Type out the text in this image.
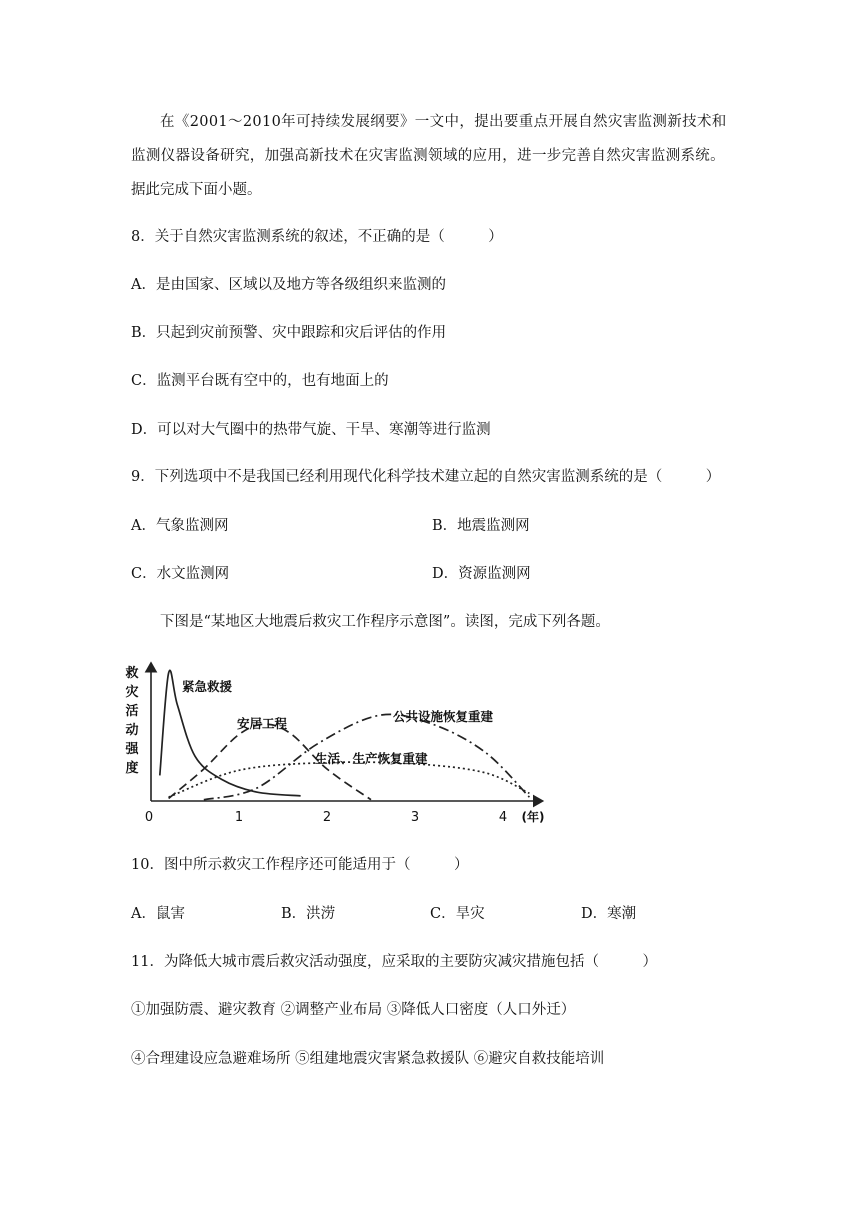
在《2001～2010年可持续发展纲要》一文中，提出要重点开展自然灾害监测新技术和
监测仪器设备研究，加强高新技术在灾害监测领域的应用，进一步完善自然灾害监测系统。
据此完成下面小题。
8．关于自然灾害监测系统的叙述，不正确的是（　　　）
A．是由国家、区域以及地方等各级组织来监测的
B．只起到灾前预警、灾中跟踪和灾后评估的作用
C．监测平台既有空中的，也有地面上的
D．可以对大气圈中的热带气旋、干旱、寒潮等进行监测
9．下列选项中不是我国已经利用现代化科学技术建立起的自然灾害监测系统的是（　　　）
A．气象监测网	B．地震监测网
C．水文监测网	D．资源监测网
下图是“某地区大地震后救灾工作程序示意图”。读图，完成下列各题。
救
灾
活
动
强
度
0	1	2	3	4 (年)
紧急救援
安居工程	公共设施恢复重建
生活、生产恢复重建
10．图中所示救灾工作程序还可能适用于（　　　）
A．鼠害	B．洪涝	C．旱灾	D．寒潮
11．为降低大城市震后救灾活动强度，应采取的主要防灾减灾措施包括（　　　）
①加强防震、避灾教育 ②调整产业布局 ③降低人口密度（人口外迁）
④合理建设应急避难场所 ⑤组建地震灾害紧急救援队 ⑥避灾自救技能培训
